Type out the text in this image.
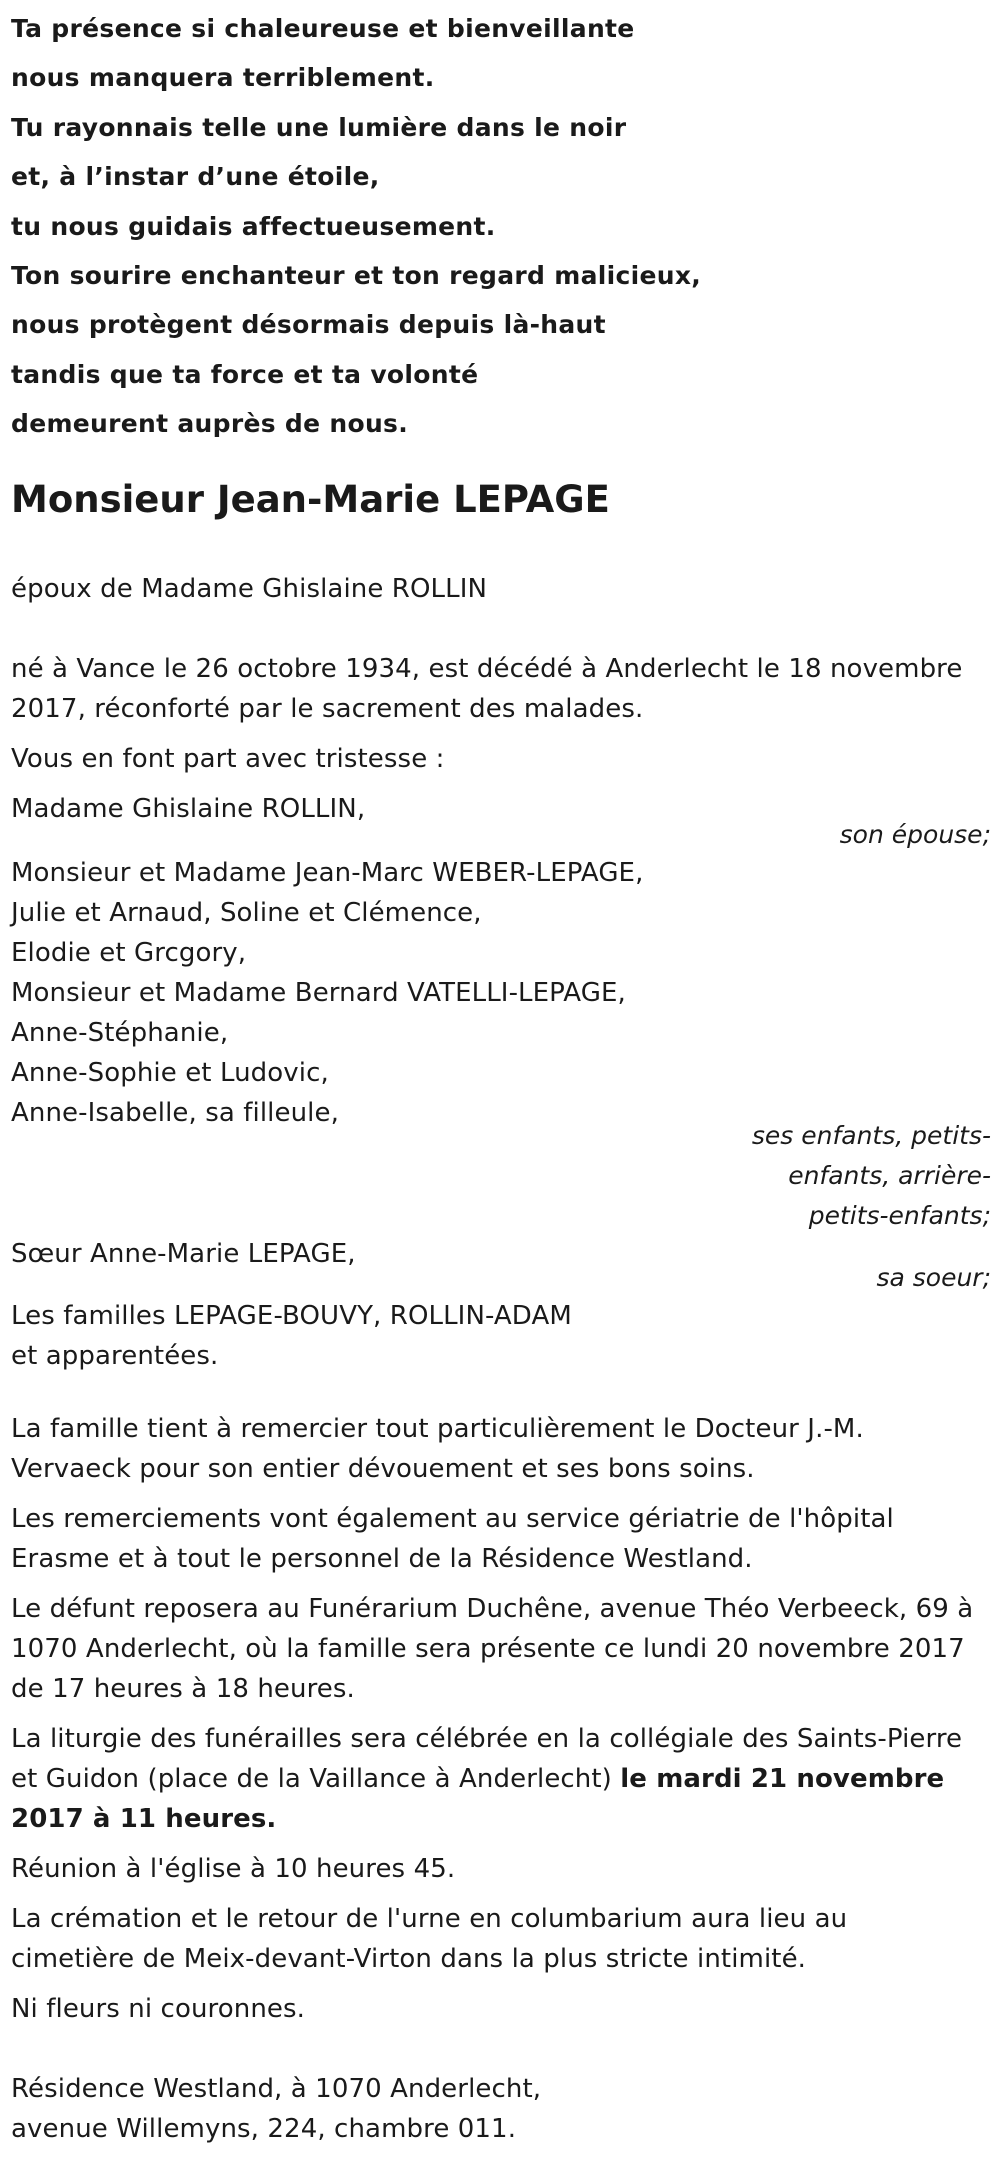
Ta présence si chaleureuse et bienveillante
nous manquera terriblement.
Tu rayonnais telle une lumière dans le noir
et, à l’instar d’une étoile,
tu nous guidais affectueusement.
Ton sourire enchanteur et ton regard malicieux,
nous protègent désormais depuis là-haut
tandis que ta force et ta volonté
demeurent auprès de nous.
Monsieur Jean-Marie LEPAGE
époux de Madame Ghislaine ROLLIN
né à Vance le 26 octobre 1934, est décédé à Anderlecht le 18 novembre
2017, réconforté par le sacrement des malades.
Vous en font part avec tristesse :
Madame Ghislaine ROLLIN,
son épouse;
Monsieur et Madame Jean-Marc WEBER-LEPAGE,
Julie et Arnaud, Soline et Clémence,
Elodie et Grcgory,
Monsieur et Madame Bernard VATELLI-LEPAGE,
Anne-Stéphanie,
Anne-Sophie et Ludovic,
Anne-Isabelle, sa filleule,
ses enfants, petits-
enfants, arrière-
petits-enfants;
Sœur Anne-Marie LEPAGE,
sa soeur;
Les familles LEPAGE-BOUVY, ROLLIN-ADAM
et apparentées.
La famille tient à remercier tout particulièrement le Docteur J.-M.
Vervaeck pour son entier dévouement et ses bons soins.
Les remerciements vont également au service gériatrie de l'hôpital
Erasme et à tout le personnel de la Résidence Westland.
Le défunt reposera au Funérarium Duchêne, avenue Théo Verbeeck, 69 à
1070 Anderlecht, où la famille sera présente ce lundi 20 novembre 2017
de 17 heures à 18 heures.
La liturgie des funérailles sera célébrée en la collégiale des Saints-Pierre
et Guidon (place de la Vaillance à Anderlecht) le mardi 21 novembre
2017 à 11 heures.
Réunion à l'église à 10 heures 45.
La crémation et le retour de l'urne en columbarium aura lieu au
cimetière de Meix-devant-Virton dans la plus stricte intimité.
Ni fleurs ni couronnes.
Résidence Westland, à 1070 Anderlecht,
avenue Willemyns, 224, chambre 011.
